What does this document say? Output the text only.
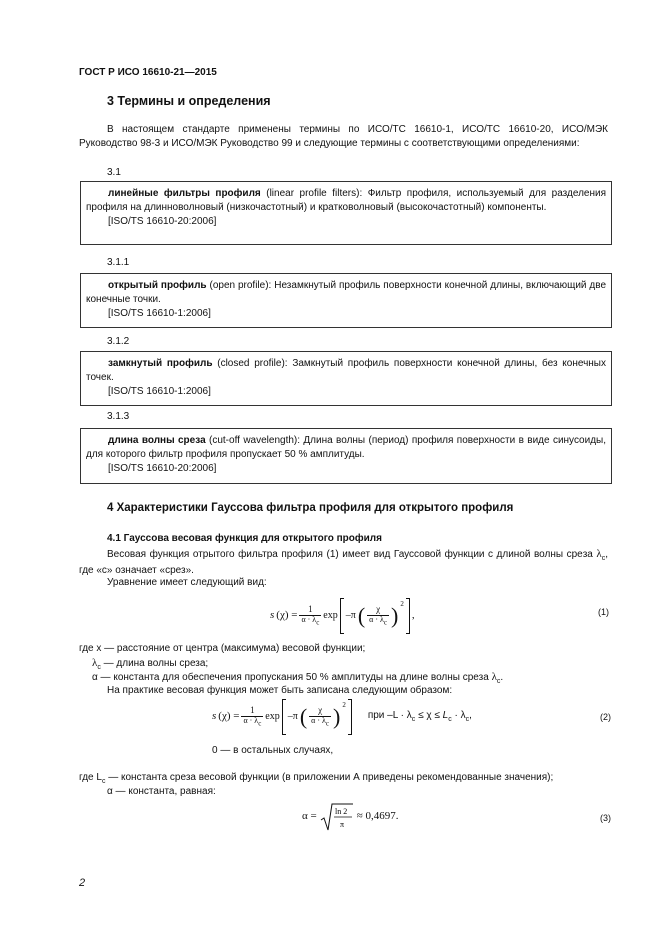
ГОСТ Р ИСО 16610-21—2015
3 Термины и определения
В настоящем стандарте применены термины по ИСО/ТС 16610-1, ИСО/ТС 16610-20, ИСО/МЭК Руководство 98-3 и ИСО/МЭК Руководство 99 и следующие термины с соответствующими определениями:
3.1
линейные фильтры профиля (linear profile filters): Фильтр профиля, используемый для разделения профиля на длинноволновый (низкочастотный) и кратковолновый (высокочастотный) компоненты.
[ISO/TS 16610-20:2006]
3.1.1
открытый профиль (open profile): Незамкнутый профиль поверхности конечной длины, включающий две конечные точки.
[ISO/TS 16610-1:2006]
3.1.2
замкнутый профиль (closed profile): Замкнутый профиль поверхности конечной длины, без конечных точек.
[ISO/TS 16610-1:2006]
3.1.3
длина волны среза (cut-off wavelength): Длина волны (период) профиля поверхности в виде синусоиды, для которого фильтр профиля пропускает 50 % амплитуды.
[ISO/TS 16610-20:2006]
4 Характеристики Гауссова фильтра профиля для открытого профиля
4.1 Гауссова весовая функция для открытого профиля
Весовая функция отрытого фильтра профиля (1) имеет вид Гауссовой функции с длиной волны срeза $\lambda_c$, где «с» означает «срез».
Уравнение имеет следующий вид:
s $(\chi) = \frac{1}{\alpha \cdot \lambda_c}$ exp –π ( $\frac{\chi}{\alpha \cdot \lambda_c}$ ) $^2$
,	(1)
где x — расстояние от центра (максимума) весовой функции;
$\lambda_c$ — длина волны среза;
α — константа для обеспечения пропускания 50 % амплитуды на длине волны среза $\lambda_c$.
На практике весовая функция может быть записана следующим образом:
s $(\chi) = \frac{1}{\alpha \cdot \lambda_c}$ exp –π ( $\frac{\chi}{\alpha \cdot \lambda_c}$ ) $^2$
при $-L \cdot \lambda_c \le \chi \le L_c \cdot \lambda_c$,	(2)
0 — в остальных случаях,
где $L_c$ — константа среза весовой функции (в приложении А приведены рекомендованные значения);
α — константа, равная:
α = ln 2
π
≈ 0,4697.	(3)
2
